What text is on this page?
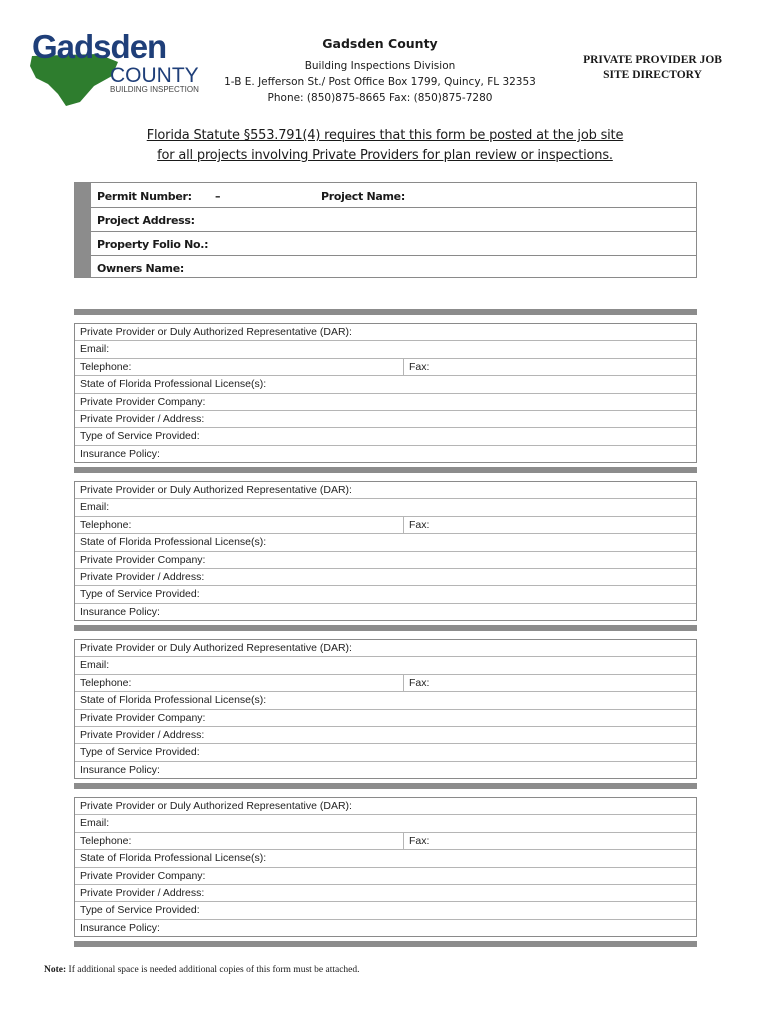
Gadsden
COUNTY
BUILDING INSPECTION
Gadsden County
Building Inspections Division
1-B E. Jefferson St./ Post Office Box 1799, Quincy, FL 32353
Phone: (850)875-8665 Fax: (850)875-7280
PRIVATE PROVIDER JOB
SITE DIRECTORY
Florida Statute §553.791(4) requires that this form be posted at the job site
for all projects involving Private Providers for plan review or inspections.
Permit Number: –	Project Name:
Project Address:
Property Folio No.:
Owners Name:
Private Provider or Duly Authorized Representative (DAR):
Email:
Telephone:	Fax:
State of Florida Professional License(s):
Private Provider Company:
Private Provider / Address:
Type of Service Provided:
Insurance Policy:
Private Provider or Duly Authorized Representative (DAR):
Email:
Telephone:	Fax:
State of Florida Professional License(s):
Private Provider Company:
Private Provider / Address:
Type of Service Provided:
Insurance Policy:
Private Provider or Duly Authorized Representative (DAR):
Email:
Telephone:	Fax:
State of Florida Professional License(s):
Private Provider Company:
Private Provider / Address:
Type of Service Provided:
Insurance Policy:
Private Provider or Duly Authorized Representative (DAR):
Email:
Telephone:	Fax:
State of Florida Professional License(s):
Private Provider Company:
Private Provider / Address:
Type of Service Provided:
Insurance Policy:
Note: If additional space is needed additional copies of this form must be attached.
